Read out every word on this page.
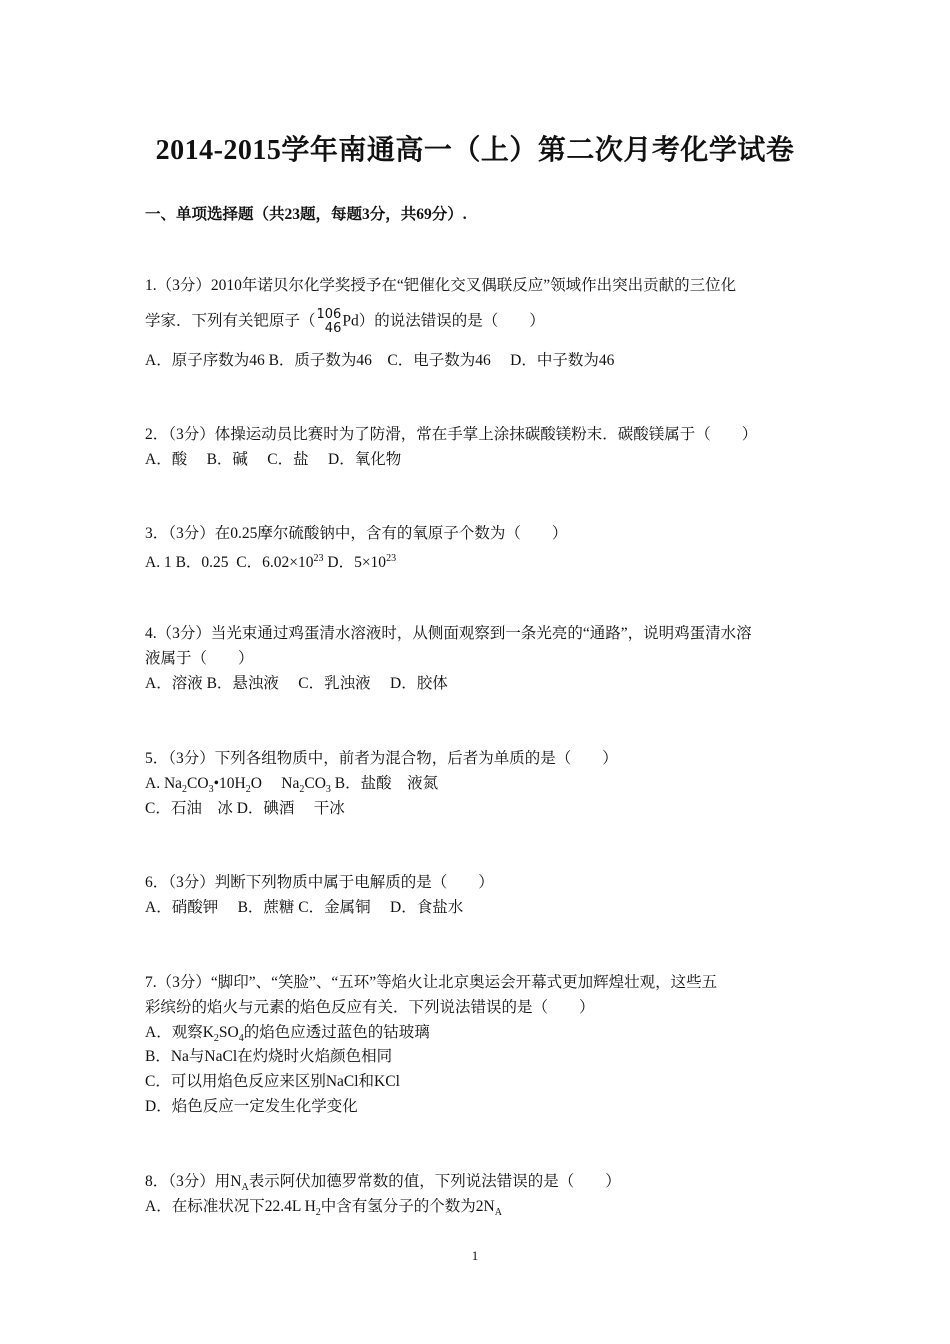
2014-2015学年南通高一（上）第二次月考化学试卷
一、单项选择题（共23题，每题3分，共69分）.
1.（3分）2010年诺贝尔化学奖授予在“钯催化交叉偶联反应”领域作出突出贡献的三位化
学家．下列有关钯原子（ 106
46 Pd）的说法错误的是（　　）
A．原子序数为46 B．质子数为46　C．电子数为46　 D．中子数为46
2．（3分）体操运动员比赛时为了防滑，常在手掌上涂抹碳酸镁粉末．碳酸镁属于（　　）
A．酸　 B．碱　 C．盐　 D．氧化物
3．（3分）在0.25摩尔硫酸钠中，含有的氧原子个数为（　　）
A. 1 B．0.25  C．$6.02\times 10^{23}$ D．$5\times 10^{23}$
4.（3分）当光束通过鸡蛋清水溶液时，从侧面观察到一条光亮的“通路”，说明鸡蛋清水溶
液属于（　　）
A．溶液 B．悬浊液　 C．乳浊液　 D．胶体
5．（3分）下列各组物质中，前者为混合物，后者为单质的是（　　）
A. $Na_2CO_3•10H_2O$　 $Na_2CO_3$ B．盐酸　液氮
C．石油　冰 D．碘酒　 干冰
6．（3分）判断下列物质中属于电解质的是（　　）
A．硝酸钾　 B．蔗糖 C．金属铜　 D．食盐水
7.（3分）“脚印”、“笑脸”、“五环”等焰火让北京奥运会开幕式更加辉煌壮观，这些五
彩缤纷的焰火与元素的焰色反应有关．下列说法错误的是（　　）
A．观察$K_2SO_4$的焰色应透过蓝色的钴玻璃
B．Na与NaCl在灼烧时火焰颜色相同
C．可以用焰色反应来区别NaCl和KCl
D．焰色反应一定发生化学变化
8．（3分）用$N_A$表示阿伏加德罗常数的值，下列说法错误的是（　　）
A．在标准状况下22.4L $H_2$中含有氢分子的个数为$2N_A$
1
